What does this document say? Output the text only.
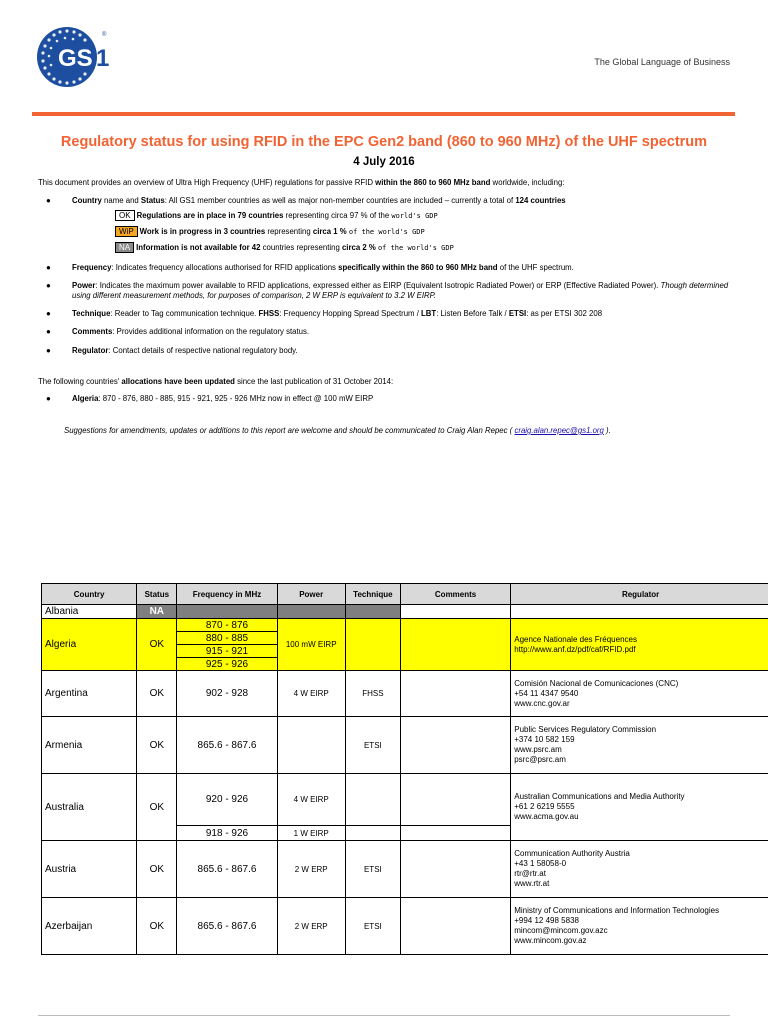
GS 1
®
The Global Language of Business
Regulatory status for using RFID in the EPC Gen2 band (860 to 960 MHz) of the UHF spectrum
4 July 2016
This document provides an overview of Ultra High Frequency (UHF) regulations for passive RFID within the 860 to 960 MHz band worldwide, including:
●	Country name and Status: All GS1 member countries as well as major non-member countries are included – currently a total of 124 countries
OK Regulations are in place in 79 countries representing circa 97 % of the world's GDP
WiP Work is in progress in 3 countries representing circa 1 % of the world's GDP
NA Information is not available for 42 countries representing circa 2 % of the world's GDP
●	Frequency: Indicates frequency allocations authorised for RFID applications specifically within the 860 to 960 MHz band of the UHF spectrum.
●	Power: Indicates the maximum power available to RFID applications, expressed either as EIRP (Equivalent Isotropic Radiated Power) or ERP (Effective Radiated Power). Though determined using different measurement methods, for purposes of comparison, 2 W ERP is equivalent to 3.2 W EIRP.
●	Technique: Reader to Tag communication technique. FHSS: Frequency Hopping Spread Spectrum / LBT: Listen Before Talk / ETSI: as per ETSI 302 208
●	Comments: Provides additional information on the regulatory status.
●	Regulator: Contact details of respective national regulatory body.
The following countries' allocations have been updated since the last publication of 31 October 2014:
●	Algeria: 870 - 876, 880 - 885, 915 - 921, 925 - 926 MHz now in effect @ 100 mW EIRP
Suggestions for amendments, updates or additions to this report are welcome and should be communicated to Craig Alan Repec ( craig.alan.repec@gs1.org ).
Country	Status	Frequency in MHz	Power	Technique	Comments	Regulator
Albania	NA					
Algeria	OK	870 - 876	100 mW EIRP			Agence Nationale des Fréquences
http://www.anf.dz/pdf/caf/RFID.pdf

		880 - 885				
		915 - 921				
		925 - 926				
Argentina	OK	902 - 928	4 W EIRP	FHSS		Comisión Nacional de Comunicaciones (CNC)
+54 11 4347 9540
www.cnc.gov.ar

Armenia	OK	865.6 - 867.6		ETSI		Public Services Regulatory Commission
+374 10 582 159
www.psrc.am
psrc@psrc.am

Australia	OK	920 - 926	4 W EIRP			Australian Communications and Media Authority
+61 2 6219 5555
www.acma.gov.au

		918 - 926	1 W EIRP			
Austria	OK	865.6 - 867.6	2 W ERP	ETSI		Communication Authority Austria
+43 1 58058-0
rtr@rtr.at
www.rtr.at

Azerbaijan	OK	865.6 - 867.6	2 W ERP	ETSI		Ministry of Communications and Information Technologies
+994 12 498 5838
mincom@mincom.gov.azc
www.mincom.gov.az
